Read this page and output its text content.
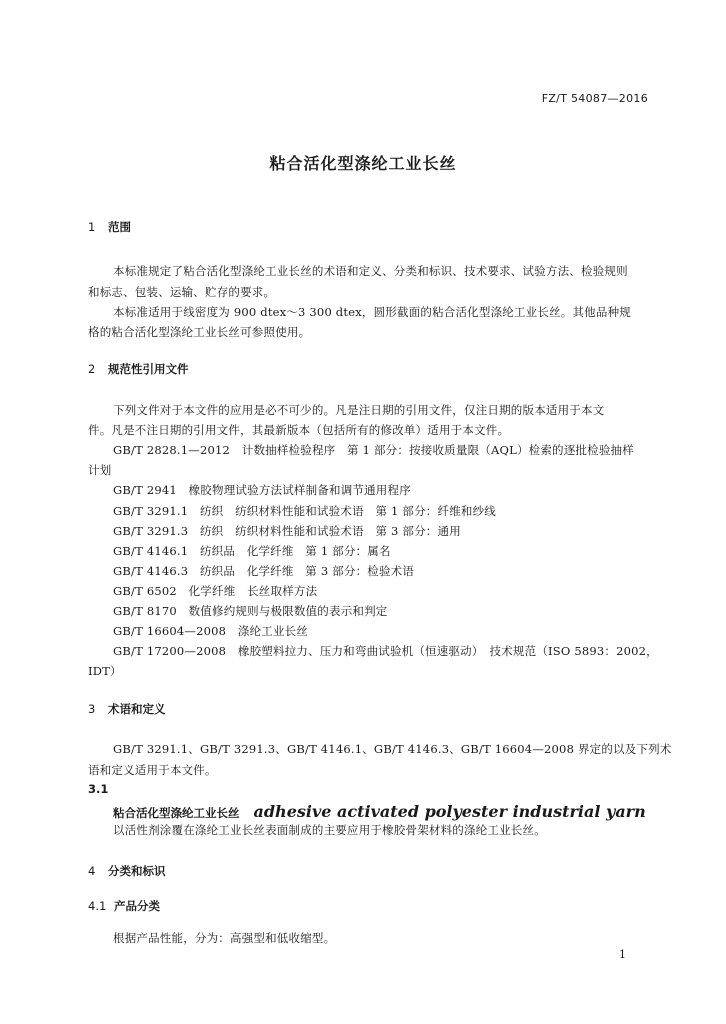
FZ/T 54087—2016
粘合活化型涤纶工业长丝
1 范围
本标准规定了粘合活化型涤纶工业长丝的术语和定义、分类和标识、技术要求、试验方法、检验规则
和标志、包装、运输、贮存的要求。
本标准适用于线密度为 900 dtex～3 300 dtex，圆形截面的粘合活化型涤纶工业长丝。其他品种规
格的粘合活化型涤纶工业长丝可参照使用。
2 规范性引用文件
下列文件对于本文件的应用是必不可少的。凡是注日期的引用文件，仅注日期的版本适用于本文
件。凡是不注日期的引用文件，其最新版本（包括所有的修改单）适用于本文件。
GB/T 2828.1—2012　计数抽样检验程序　第 1 部分：按接收质量限（AQL）检索的逐批检验抽样
计划
GB/T 2941　橡胶物理试验方法试样制备和调节通用程序
GB/T 3291.1　纺织　纺织材料性能和试验术语　第 1 部分：纤维和纱线
GB/T 3291.3　纺织　纺织材料性能和试验术语　第 3 部分：通用
GB/T 4146.1　纺织品　化学纤维　第 1 部分：属名
GB/T 4146.3　纺织品　化学纤维　第 3 部分：检验术语
GB/T 6502　化学纤维　长丝取样方法
GB/T 8170　数值修约规则与极限数值的表示和判定
GB/T 16604—2008　涤纶工业长丝
GB/T 17200—2008　橡胶塑料拉力、压力和弯曲试验机（恒速驱动）　技术规范（ISO 5893：2002，
IDT）
3 术语和定义
GB/T 3291.1、GB/T 3291.3、GB/T 4146.1、GB/T 4146.3、GB/T 16604—2008 界定的以及下列术
语和定义适用于本文件。
3.1
粘合活化型涤纶工业长丝 adhesive activated polyester industrial yarn
以活性剂涂覆在涤纶工业长丝表面制成的主要应用于橡胶骨架材料的涤纶工业长丝。
4 分类和标识
4.1 产品分类
根据产品性能，分为：高强型和低收缩型。
1
